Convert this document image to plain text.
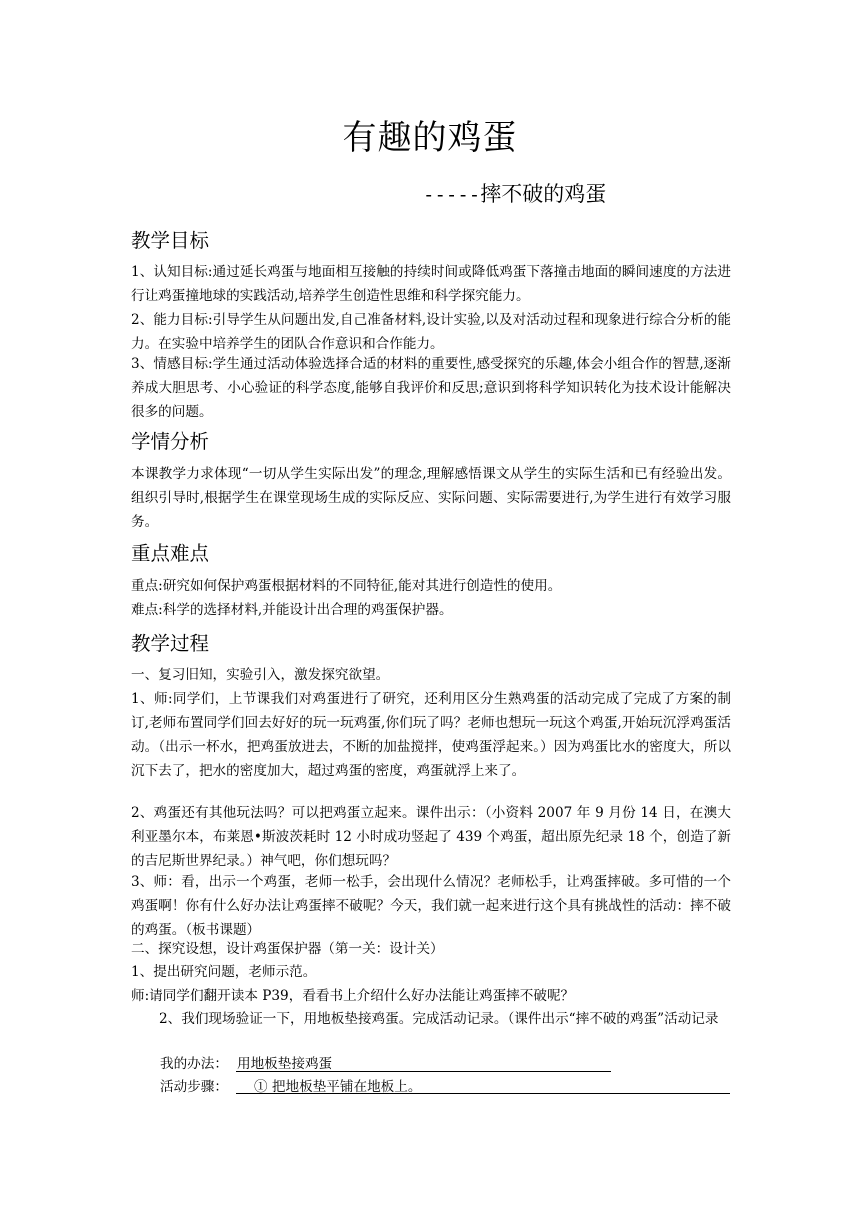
有趣的鸡蛋
-----摔不破的鸡蛋
教学目标

1、认知目标:通过延长鸡蛋与地面相互接触的持续时间或降低鸡蛋下落撞击地面的瞬间速度的方法进行让鸡蛋撞地球的实践活动,培养学生创造性思维和科学探究能力。

2、能力目标:引导学生从问题出发,自己准备材料,设计实验,以及对活动过程和现象进行综合分析的能力。在实验中培养学生的团队合作意识和合作能力。

3、情感目标:学生通过活动体验选择合适的材料的重要性,感受探究的乐趣,体会小组合作的智慧,逐渐养成大胆思考、小心验证的科学态度,能够自我评价和反思;意识到将科学知识转化为技术设计能解决很多的问题。

学情分析

本课教学力求体现“一切从学生实际出发”的理念,理解感悟课文从学生的实际生活和已有经验出发。组织引导时,根据学生在课堂现场生成的实际反应、实际问题、实际需要进行,为学生进行有效学习服务。

重点难点

重点:研究如何保护鸡蛋根据材料的不同特征,能对其进行创造性的使用。

难点:科学的选择材料,并能设计出合理的鸡蛋保护器。

教学过程

一、复习旧知，实验引入，激发探究欲望。

1、师:同学们，上节课我们对鸡蛋进行了研究，还利用区分生熟鸡蛋的活动完成了完成了方案的制订,老师布置同学们回去好好的玩一玩鸡蛋,你们玩了吗？老师也想玩一玩这个鸡蛋,开始玩沉浮鸡蛋活动。（出示一杯水，把鸡蛋放进去，不断的加盐搅拌，使鸡蛋浮起来。）因为鸡蛋比水的密度大，所以沉下去了，把水的密度加大，超过鸡蛋的密度，鸡蛋就浮上来了。

2、鸡蛋还有其他玩法吗？可以把鸡蛋立起来。课件出示：（小资料 2007 年 9 月份 14 日，在澳大利亚墨尔本，布莱恩•斯波茨耗时 12 小时成功竖起了 439 个鸡蛋，超出原先纪录 18 个，创造了新的吉尼斯世界纪录。）神气吧，你们想玩吗？

3、师：看，出示一个鸡蛋，老师一松手，会出现什么情况？老师松手，让鸡蛋摔破。多可惜的一个鸡蛋啊！你有什么好办法让鸡蛋摔不破呢？今天，我们就一起来进行这个具有挑战性的活动：摔不破的鸡蛋。（板书课题）

二、探究设想，设计鸡蛋保护器（第一关：设计关）

1、提出研究问题，老师示范。

师:请同学们翻开读本 P39，看看书上介绍什么好办法能让鸡蛋摔不破呢？

2、我们现场验证一下，用地板垫接鸡蛋。完成活动记录。（课件出示“摔不破的鸡蛋”活动记录

我的办法： 用地板垫接鸡蛋
活动步骤： ① 把地板垫平铺在地板上。
